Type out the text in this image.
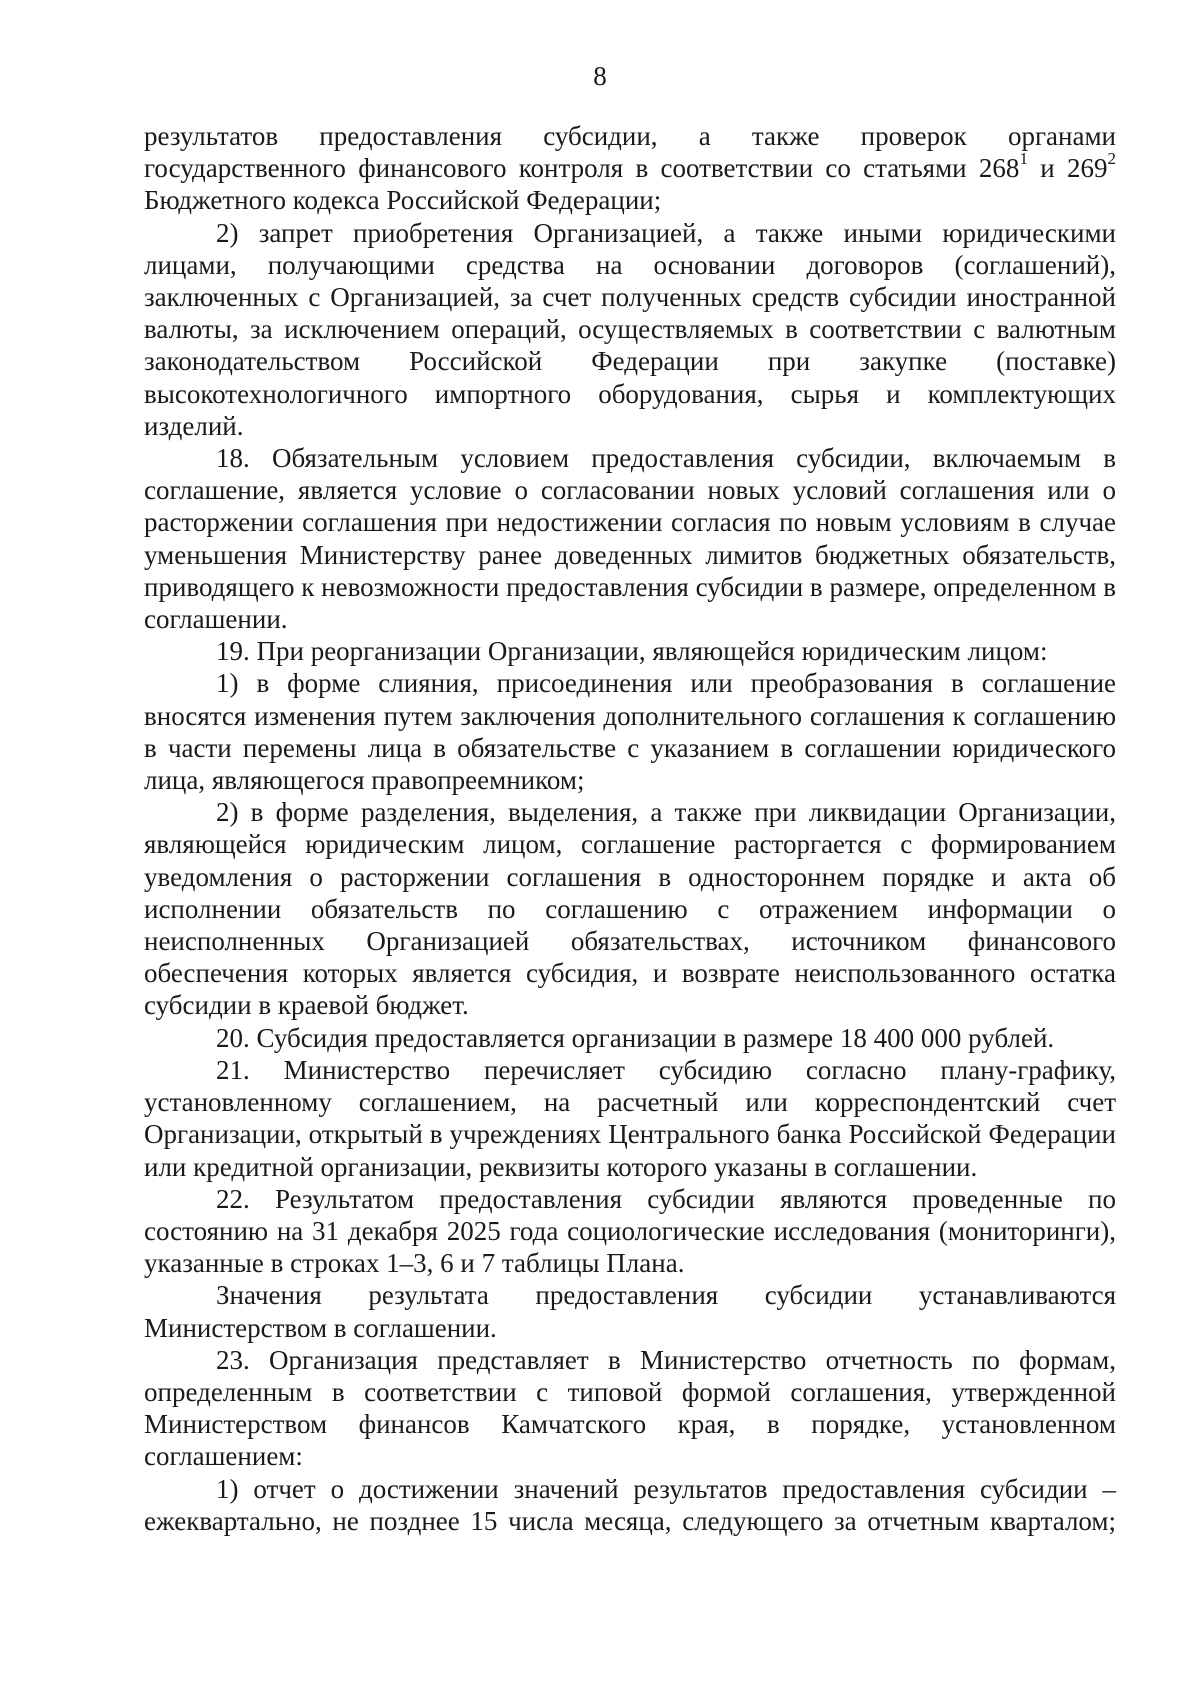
8

результатов предоставления субсидии, а также проверок органами государственного финансового контроля в соответствии со статьями $268^1$ и $269^2$ Бюджетного кодекса Российской Федерации;

2) запрет приобретения Организацией, а также иными юридическими лицами, получающими средства на основании договоров (соглашений), заключенных с Организацией, за счет полученных средств субсидии иностранной валюты, за исключением операций, осуществляемых в соответствии с валютным законодательством Российской Федерации при закупке (поставке) высокотехнологичного импортного оборудования, сырья и комплектующих изделий.

18. Обязательным условием предоставления субсидии, включаемым в соглашение, является условие о согласовании новых условий соглашения или о расторжении соглашения при недостижении согласия по новым условиям в случае уменьшения Министерству ранее доведенных лимитов бюджетных обязательств, приводящего к невозможности предоставления субсидии в размере, определенном в соглашении.

19. При реорганизации Организации, являющейся юридическим лицом:

1) в форме слияния, присоединения или преобразования в соглашение вносятся изменения путем заключения дополнительного соглашения к соглашению в части перемены лица в обязательстве с указанием в соглашении юридического лица, являющегося правопреемником;

2) в форме разделения, выделения, а также при ликвидации Организации, являющейся юридическим лицом, соглашение расторгается с формированием уведомления о расторжении соглашения в одностороннем порядке и акта об исполнении обязательств по соглашению с отражением информации о неисполненных Организацией обязательствах, источником финансового обеспечения которых является субсидия, и возврате неиспользованного остатка субсидии в краевой бюджет.

20. Субсидия предоставляется организации в размере 18 400 000 рублей.

21. Министерство перечисляет субсидию согласно плану-графику, установленному соглашением, на расчетный или корреспондентский счет Организации, открытый в учреждениях Центрального банка Российской Федерации или кредитной организации, реквизиты которого указаны в соглашении.

22. Результатом предоставления субсидии являются проведенные по состоянию на 31 декабря 2025 года социологические исследования (мониторинги), указанные в строках 1–3, 6 и 7 таблицы Плана.

Значения результата предоставления субсидии устанавливаются Министерством в соглашении.

23. Организация представляет в Министерство отчетность по формам, определенным в соответствии с типовой формой соглашения, утвержденной Министерством финансов Камчатского края, в порядке, установленном соглашением:

1) отчет о достижении значений результатов предоставления субсидии – ежеквартально, не позднее 15 числа месяца, следующего за отчетным кварталом;
